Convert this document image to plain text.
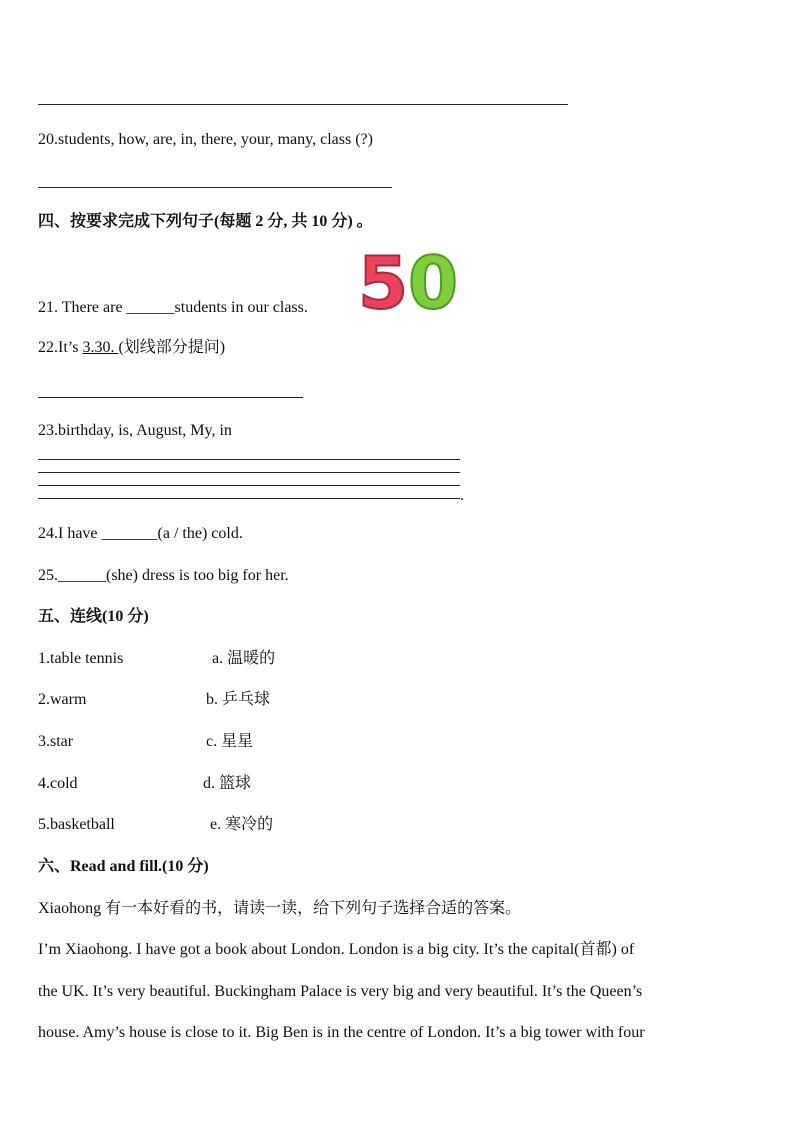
20.students, how, are, in, there, your, many, class (?)
四、按要求完成下列句子(每题 2 分, 共 10 分) 。
21. There are ______students in our class. 5 0
22.It’s 3.30. (划线部分提问)
23.birthday, is, August, My, in
.
24.I have _______(a / the) cold.
25.______(she) dress is too big for her.
五、连线(10 分)
1.table tennis	a. 温暖的
2.warm	b. 乒乓球
3.star	c. 星星
4.cold	d. 篮球
5.basketball	e. 寒冷的
六、Read and fill.(10 分)
Xiaohong 有一本好看的书，请读一读，给下列句子选择合适的答案。
I’m Xiaohong. I have got a book about London. London is a big city. It’s the capital(首都) of
the UK. It’s very beautiful. Buckingham Palace is very big and very beautiful. It’s the Queen’s
house. Amy’s house is close to it. Big Ben is in the centre of London. It’s a big tower with four
